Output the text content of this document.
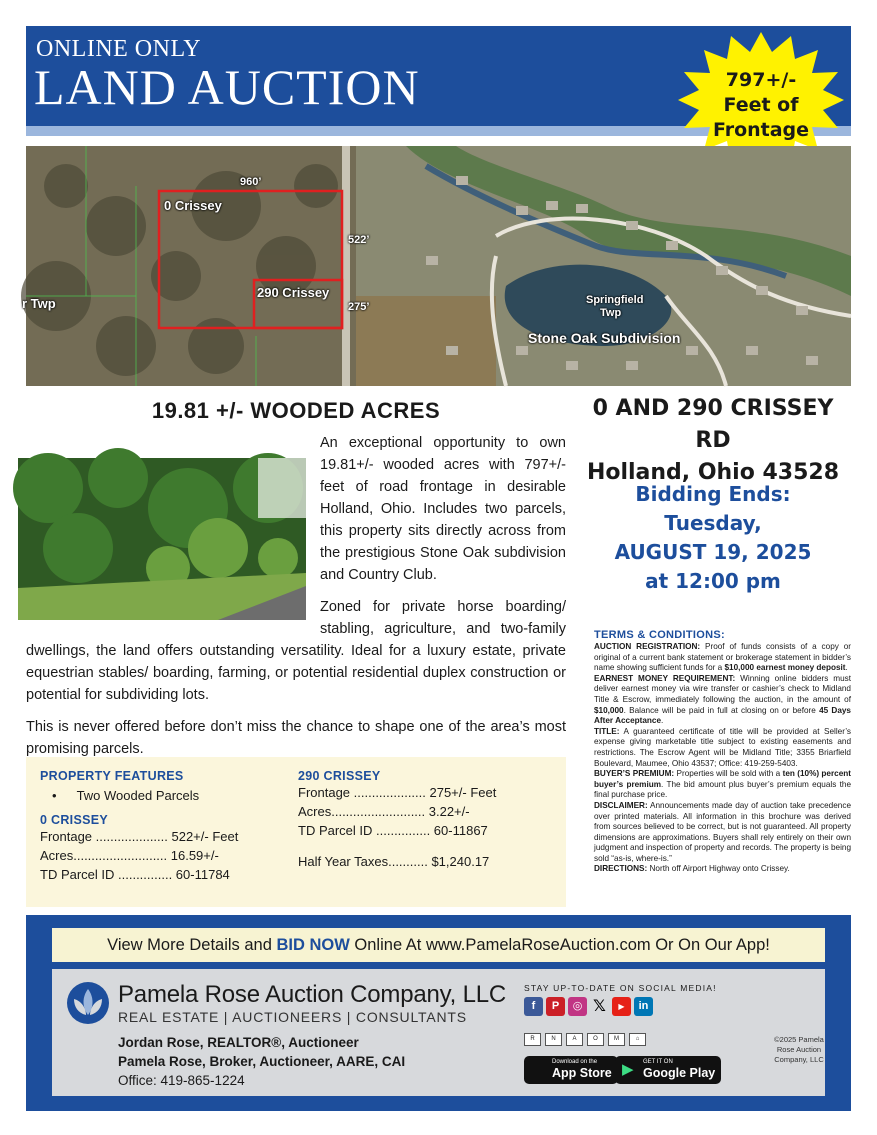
ONLINE ONLY
LAND AUCTION	797+/-
Feet of
Frontage
0 Crissey
290 Crissey
960’
522’
275’
r Twp	Springfield
Twp
Stone Oak Subdivision
19.81 +/- WOODED ACRES	0 AND 290 CRISSEY RD
Holland, Ohio 43528
Bidding Ends:
Tuesday,
AUGUST 19, 2025
at 12:00 pm

An exceptional opportunity to own 19.81+/- wooded acres with 797+/- feet of road frontage in desirable Holland, Ohio. Includes two parcels, this property sits directly across from the prestigious Stone Oak subdivision and Country Club.

Zoned for private horse boarding/ stabling, agriculture, and two-family dwellings, the land offers outstanding versatility. Ideal for a luxury estate, private equestrian stables/ boarding, farming, or potential residential duplex construction or potential for subdividing lots.

This is never offered before don’t miss the chance to shape one of the area’s most promising parcels.

PROPERTY FEATURES
• Two Wooded Parcels
0 CRISSEY
Frontage .................... 522+/- Feet
Acres.......................... 16.59+/-
TD Parcel ID ............... 60-11784
290 CRISSEY
Frontage .................... 275+/- Feet
Acres.......................... 3.22+/-
TD Parcel ID ............... 60-11867
Half Year Taxes........... $1,240.17
TERMS & CONDITIONS:
AUCTION REGISTRATION: Proof of funds consists of a copy or original of a current bank statement or brokerage statement in bidder’s name showing sufficient funds for a $10,000 earnest money deposit.
EARNEST MONEY REQUIREMENT: Winning online bidders must deliver earnest money via wire transfer or cashier’s check to Midland Title & Escrow, immediately following the auction, in the amount of $10,000. Balance will be paid in full at closing on or before 45 Days After Acceptance.
TITLE: A guaranteed certificate of title will be provided at Seller’s expense giving marketable title subject to existing easements and restrictions. The Escrow Agent will be Midland Title; 3355 Briarfield Boulevard, Maumee, Ohio 43537; Office: 419-259-5403.
BUYER’S PREMIUM: Properties will be sold with a ten (10%) percent buyer’s premium. The bid amount plus buyer’s premium equals the final purchase price.
DISCLAIMER: Announcements made day of auction take precedence over printed materials. All information in this brochure was derived from sources believed to be correct, but is not guaranteed. All property dimensions are approximations. Buyers shall rely entirely on their own judgment and inspection of property and records. The property is being sold “as-is, where-is.”
DIRECTIONS: North off Airport Highway onto Crissey.
View More Details and BID NOW Online At www.PamelaRoseAuction.com Or On Our App!
Pamela Rose Auction Company, LLC
REAL ESTATE | AUCTIONEERS | CONSULTANTS
Jordan Rose, REALTOR®, Auctioneer
Pamela Rose, Broker, Auctioneer, AARE, CAI
Office: 419-865-1224
STAY UP-TO-DATE ON SOCIAL MEDIA!
f	P	◎ 𝕏	▶	in
R	N	A	O	M	⌂
Download on the
App Store ▶ GET IT ON
Google Play
©2025 Pamela Rose Auction Company, LLC
